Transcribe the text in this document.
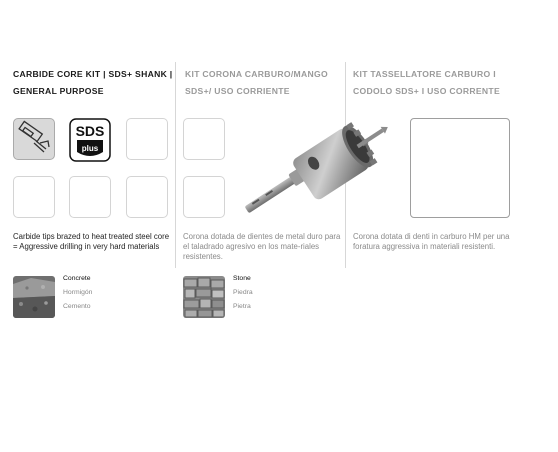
CARBIDE CORE KIT | SDS+ SHANK |
GENERAL PURPOSE
KIT CORONA CARBURO/MANGO
SDS+/ USO CORRIENTE
KIT TASSELLATORE CARBURO I
CODOLO SDS+ I USO CORRENTE
SDS
plus
Carbide tips brazed to heat treated steel core = Aggressive drilling in very hard materials
Corona dotada de dientes de metal duro para el taladrado agresivo en los mate-riales resistentes.
Corona dotata di denti in carburo HM per una foratura aggressiva in materiali resistenti.
Concrete
Hormigón
Cemento
Stone
Piedra
Pietra
